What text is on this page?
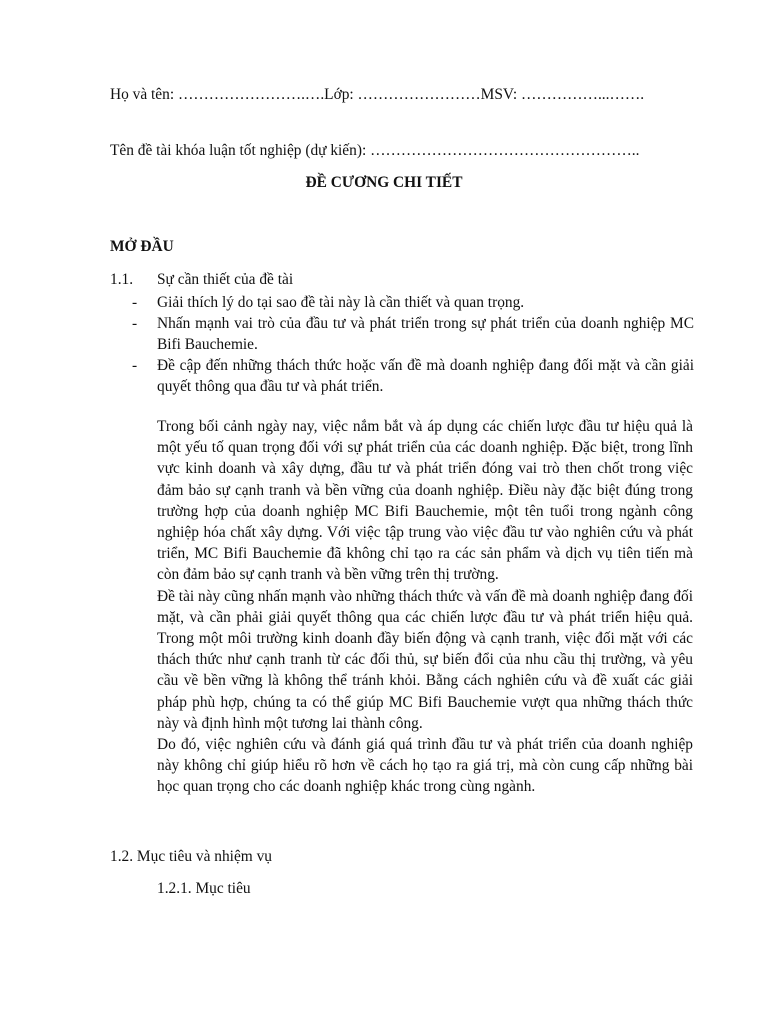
Họ và tên: …………………….….Lớp: ……………………MSV: ……………...…….
Tên đề tài khóa luận tốt nghiệp (dự kiến): ……………………………………………..
ĐỀ CƯƠNG CHI TIẾT
MỞ ĐẦU
1.1. Sự cần thiết của đề tài
- Giải thích lý do tại sao đề tài này là cần thiết và quan trọng.
- Nhấn mạnh vai trò của đầu tư và phát triển trong sự phát triển của doanh nghiệp MC Bifi Bauchemie.
- Đề cập đến những thách thức hoặc vấn đề mà doanh nghiệp đang đối mặt và cần giải quyết thông qua đầu tư và phát triển.

Trong bối cảnh ngày nay, việc nắm bắt và áp dụng các chiến lược đầu tư hiệu quả là một yếu tố quan trọng đối với sự phát triển của các doanh nghiệp. Đặc biệt, trong lĩnh vực kinh doanh và xây dựng, đầu tư và phát triển đóng vai trò then chốt trong việc đảm bảo sự cạnh tranh và bền vững của doanh nghiệp. Điều này đặc biệt đúng trong trường hợp của doanh nghiệp MC Bifi Bauchemie, một tên tuổi trong ngành công nghiệp hóa chất xây dựng. Với việc tập trung vào việc đầu tư vào nghiên cứu và phát triển, MC Bifi Bauchemie đã không chỉ tạo ra các sản phẩm và dịch vụ tiên tiến mà còn đảm bảo sự cạnh tranh và bền vững trên thị trường.

Đề tài này cũng nhấn mạnh vào những thách thức và vấn đề mà doanh nghiệp đang đối mặt, và cần phải giải quyết thông qua các chiến lược đầu tư và phát triển hiệu quả. Trong một môi trường kinh doanh đầy biến động và cạnh tranh, việc đối mặt với các thách thức như cạnh tranh từ các đối thủ, sự biến đổi của nhu cầu thị trường, và yêu cầu về bền vững là không thể tránh khỏi. Bằng cách nghiên cứu và đề xuất các giải pháp phù hợp, chúng ta có thể giúp MC Bifi Bauchemie vượt qua những thách thức này và định hình một tương lai thành công.

Do đó, việc nghiên cứu và đánh giá quá trình đầu tư và phát triển của doanh nghiệp này không chỉ giúp hiểu rõ hơn về cách họ tạo ra giá trị, mà còn cung cấp những bài học quan trọng cho các doanh nghiệp khác trong cùng ngành.

1.2. Mục tiêu và nhiệm vụ
1.2.1. Mục tiêu
